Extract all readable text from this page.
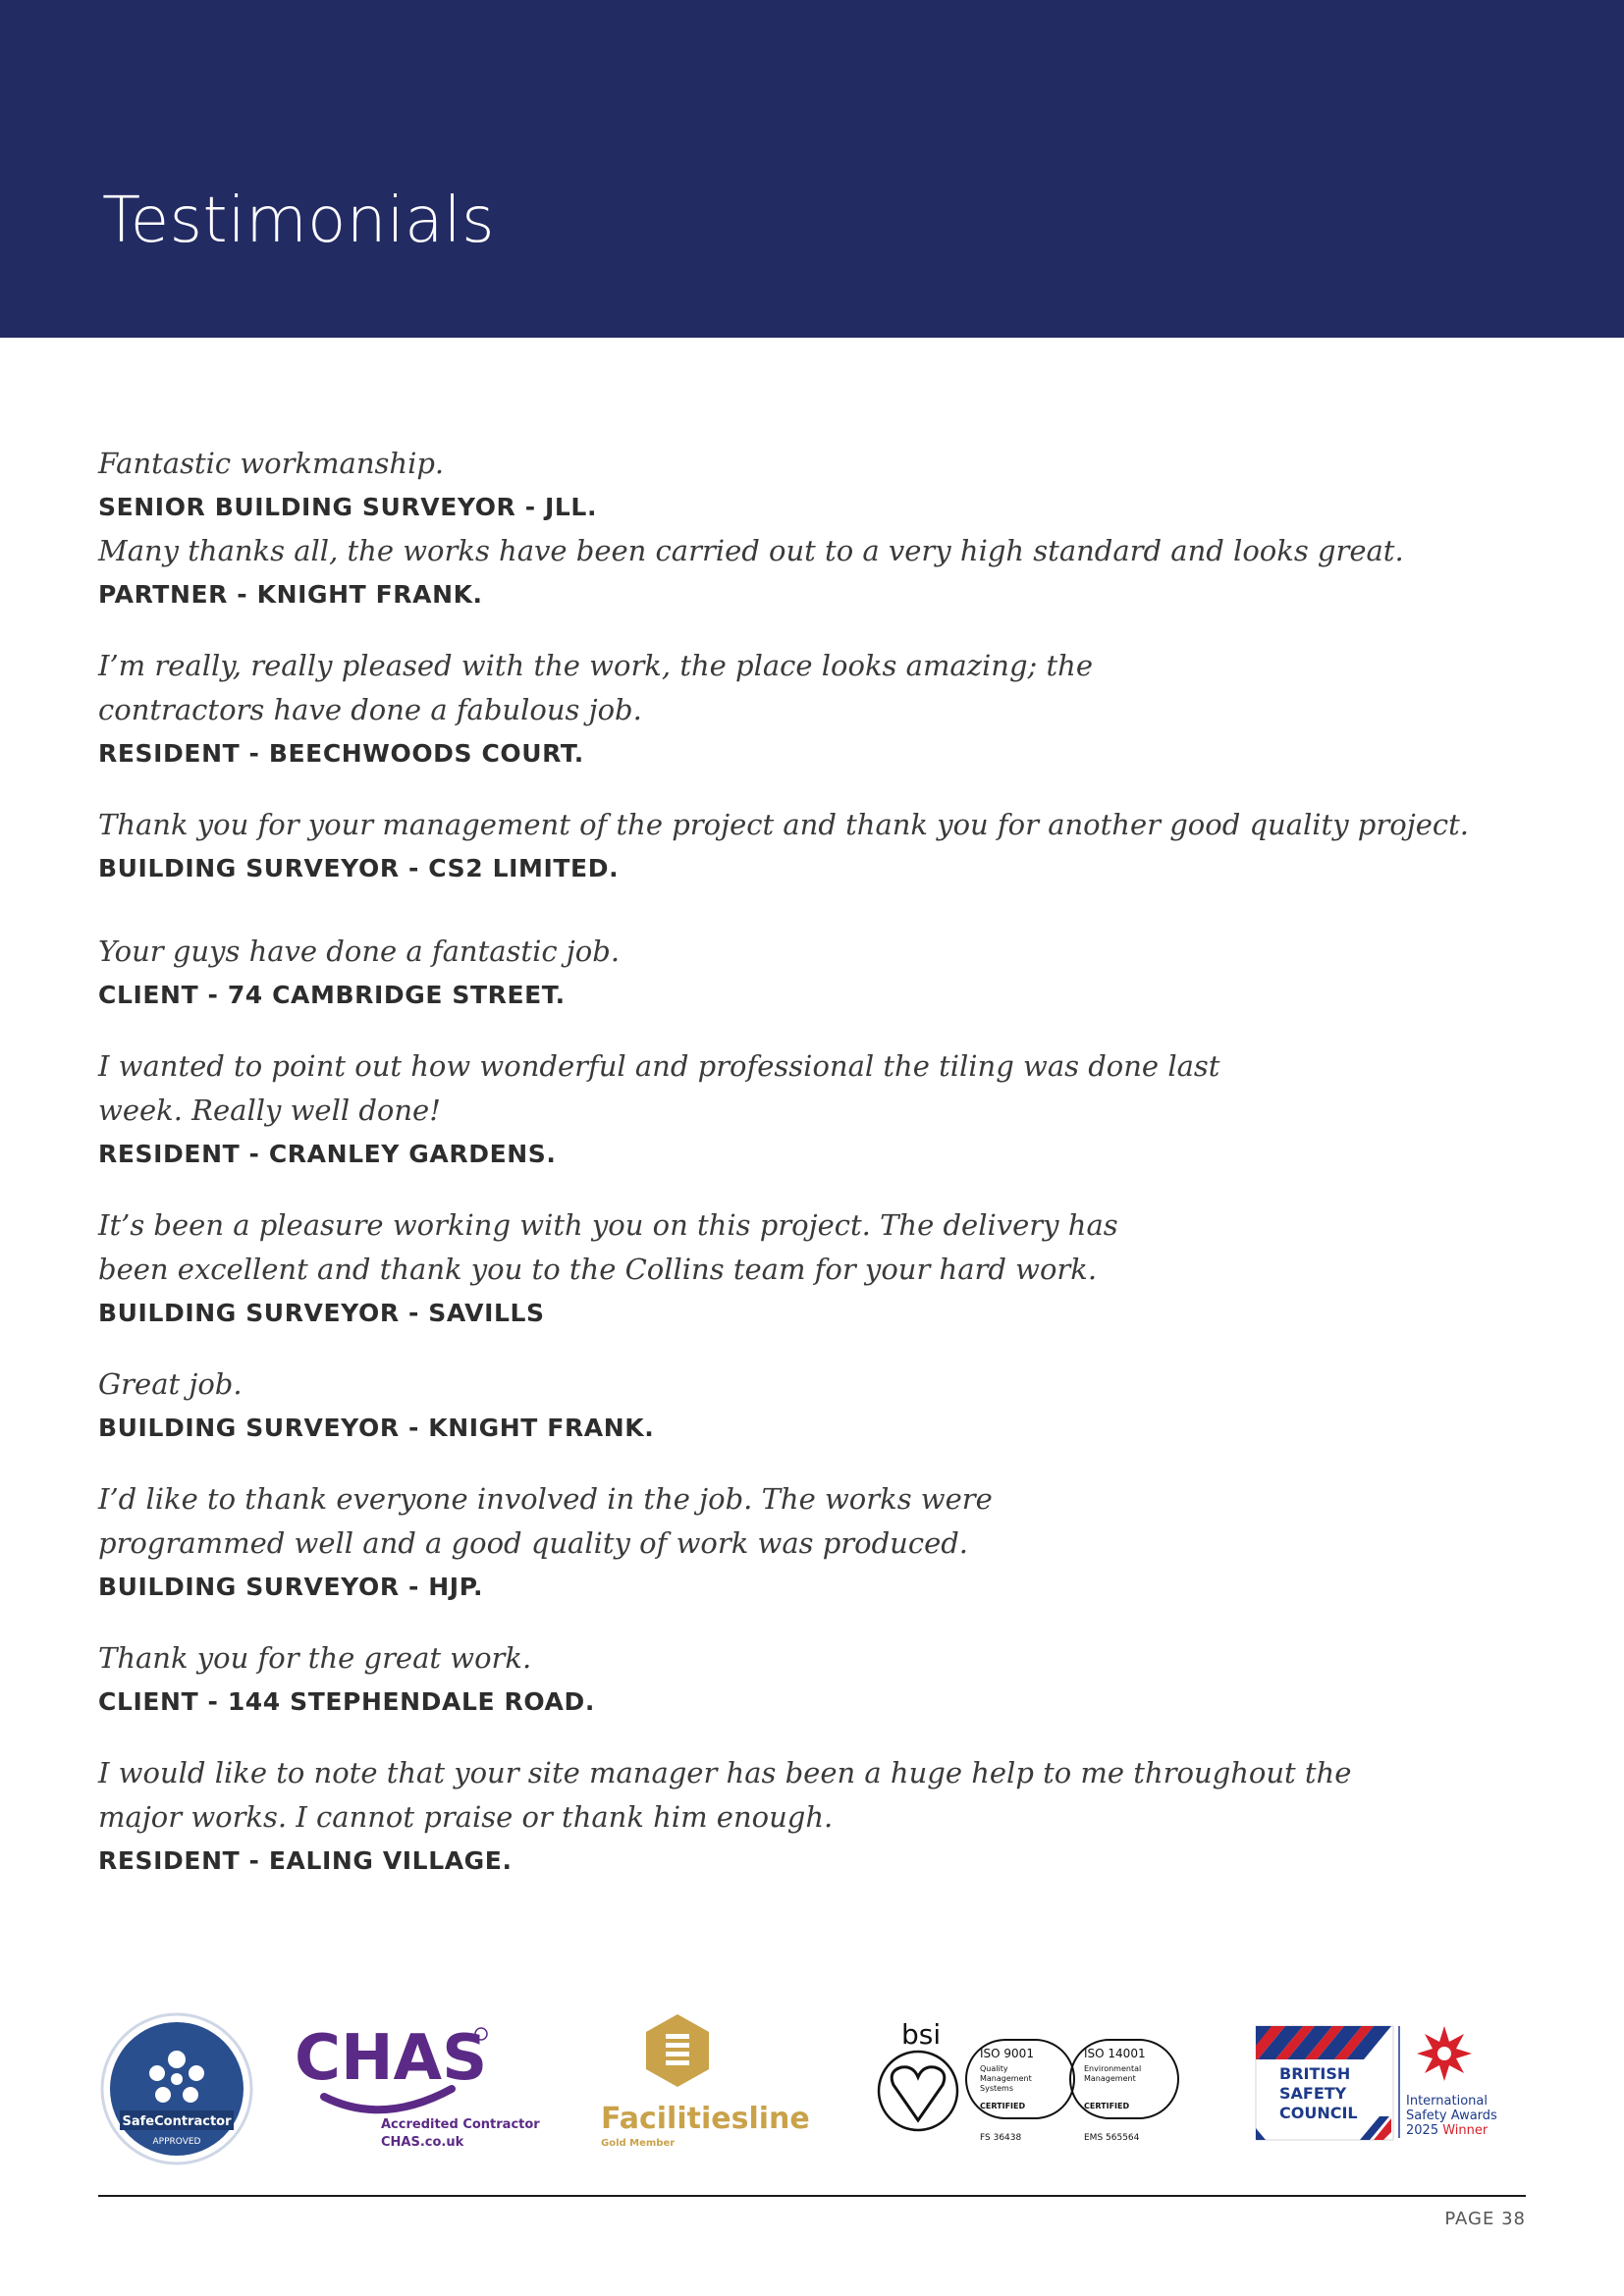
Testimonials

Fantastic workmanship.

SENIOR BUILDING SURVEYOR - JLL.

Many thanks all, the works have been carried out to a very high standard and looks great.

PARTNER - KNIGHT FRANK.

I’m really, really pleased with the work, the place looks amazing; the contractors have done a fabulous job.

RESIDENT - BEECHWOODS COURT.

Thank you for your management of the project and thank you for another good quality project.

BUILDING SURVEYOR - CS2 LIMITED.

Your guys have done a fantastic job.

CLIENT - 74 CAMBRIDGE STREET.

I wanted to point out how wonderful and professional the tiling was done last week. Really well done!

RESIDENT - CRANLEY GARDENS.

It’s been a pleasure working with you on this project. The delivery has been excellent and thank you to the Collins team for your hard work.

BUILDING SURVEYOR - SAVILLS

Great job.

BUILDING SURVEYOR - KNIGHT FRANK.

I’d like to thank everyone involved in the job. The works were programmed well and a good quality of work was produced.

BUILDING SURVEYOR - HJP.

Thank you for the great work.

CLIENT - 144 STEPHENDALE ROAD.

I would like to note that your site manager has been a huge help to me throughout the major works. I cannot praise or thank him enough.

RESIDENT - EALING VILLAGE.

SafeContractor
APPROVED
CHAS
Accredited Contractor
CHAS.co.uk
Facilitiesline
Gold Member
bsi
ISO 9001
Quality
Management
Systems
CERTIFIED
ISO 14001
Environmental
Management
CERTIFIED
FS 36438	EMS 565564
BRITISH
SAFETY
COUNCIL
International
Safety Awards
2025 Winner
PAGE 38
